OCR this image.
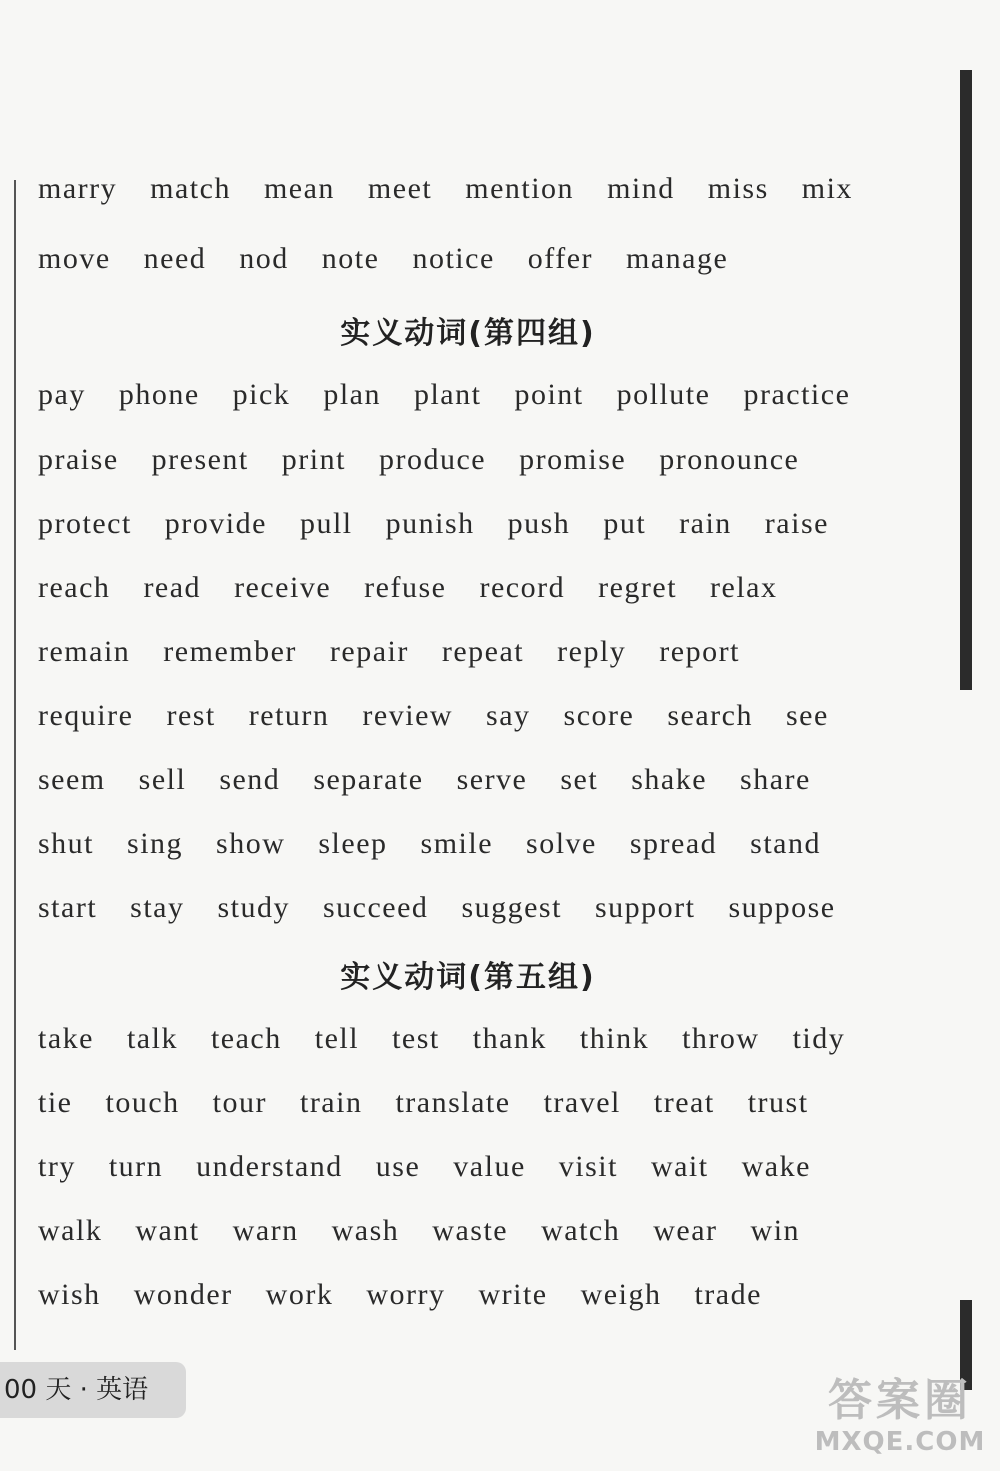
marry match mean meet mention mind miss mix
move need nod note notice offer manage
实义动词(第四组)
pay phone pick plan plant point pollute practice
praise present print produce promise pronounce
protect provide pull punish push put rain raise
reach read receive refuse record regret relax
remain remember repair repeat reply report
require rest return review say score search see
seem sell send separate serve set shake share
shut sing show sleep smile solve spread stand
start stay study succeed suggest support suppose
实义动词(第五组)
take talk teach tell test thank think throw tidy
tie touch tour train translate travel treat trust
try turn understand use value visit wait wake
walk want warn wash waste watch wear win
wish wonder work worry write weigh trade
00 天 · 英语	答案圈
MXQE.COM
